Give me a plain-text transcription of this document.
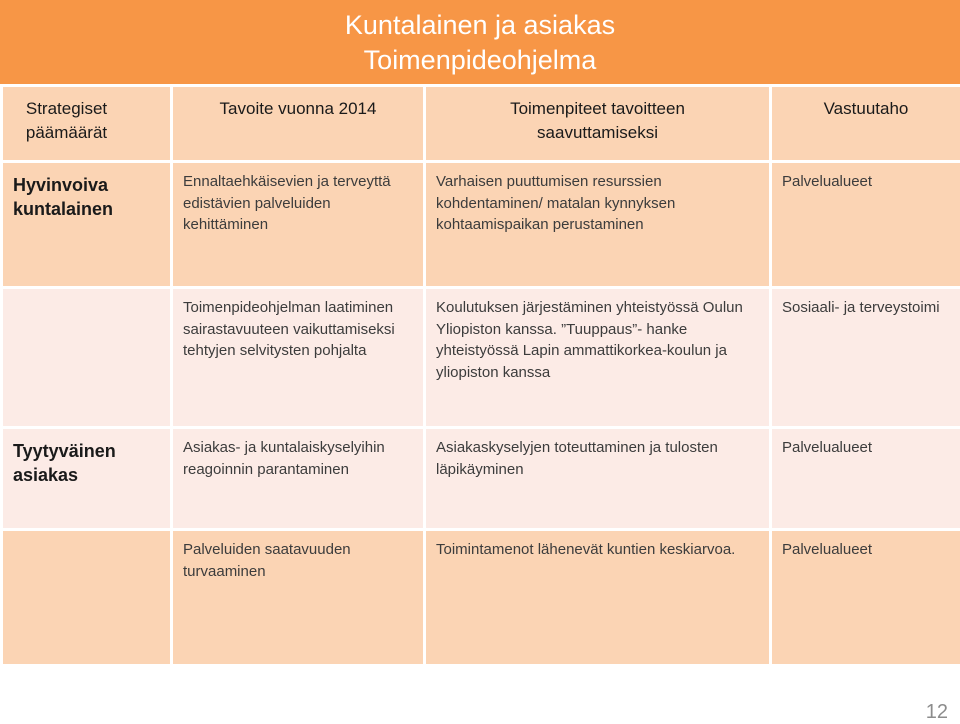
Kuntalainen ja asiakas
Toimenpideohjelma
Strategiset päämäärät	Tavoite vuonna 2014	Toimenpiteet tavoitteen saavuttamiseksi	Vastuutaho

Hyvinvoiva kuntalainen	Ennaltaehkäisevien ja terveyttä edistävien palveluiden kehittäminen	Varhaisen puuttumisen resurssien kohdentaminen/ matalan kynnyksen kohtaamispaikan perustaminen	Palvelualueet

	Toimenpideohjelman laatiminen sairastavuuteen vaikuttamiseksi tehtyjen selvitysten pohjalta	Koulutuksen järjestäminen yhteistyössä Oulun Yliopiston kanssa. ”Tuuppaus”- hanke yhteistyössä Lapin ammattikorkea-koulun ja yliopiston kanssa	Sosiaali- ja terveystoimi

Tyytyväinen asiakas	Asiakas- ja kuntalaiskyselyihin reagoinnin parantaminen	Asiakaskyselyjen toteuttaminen ja tulosten läpikäyminen	Palvelualueet

	Palveluiden saatavuuden turvaaminen	Toimintamenot lähenevät kuntien keskiarvoa.	Palvelualueet
12
